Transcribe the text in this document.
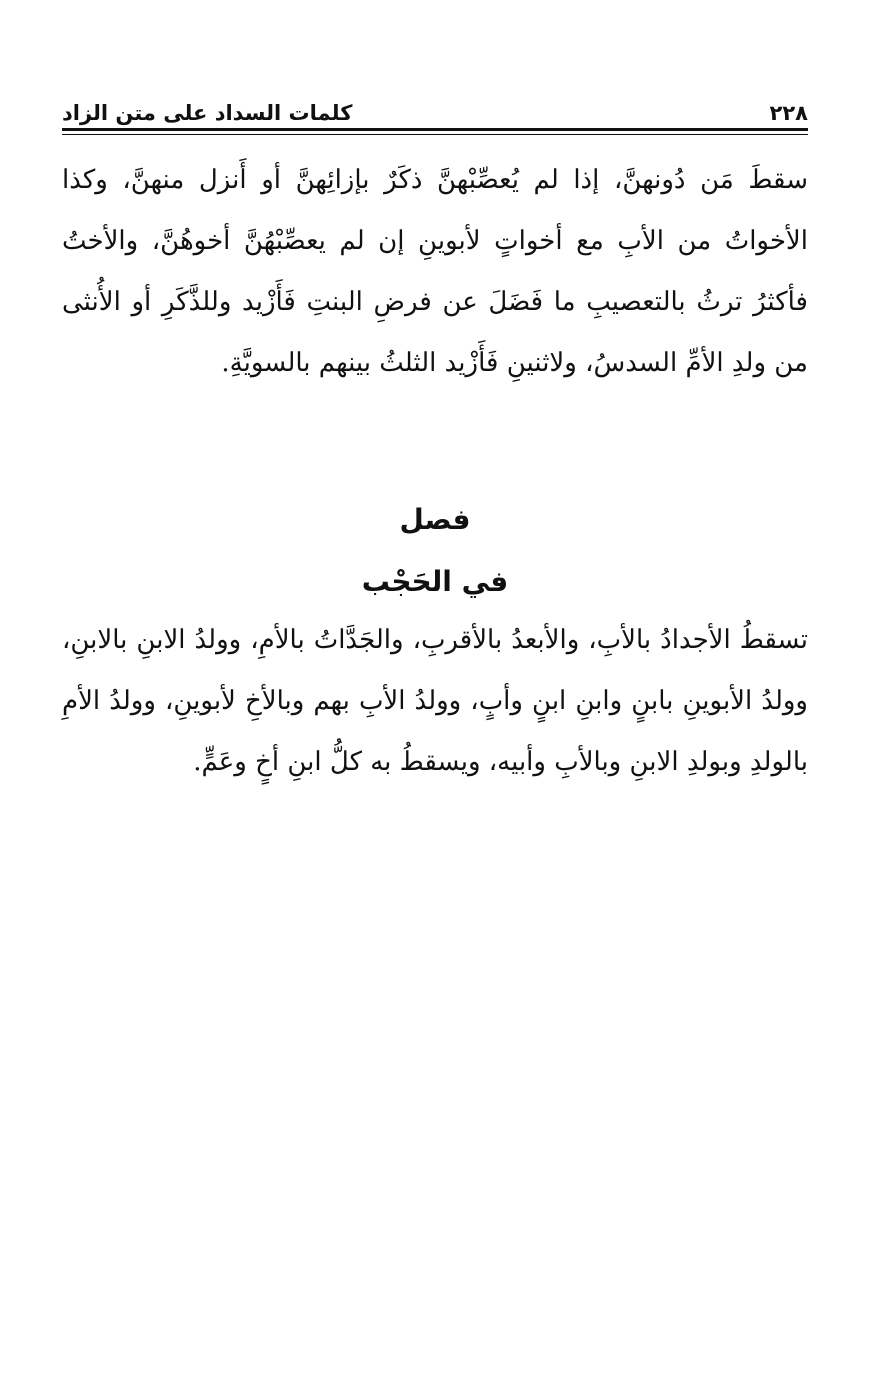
٢٢٨
كلمات السداد على متن الزاد

سقطَ مَن دُونهنَّ، إذا لم يُعصِّبْهنَّ ذكَرٌ بإزائِهنَّ أو أَنزل منهنَّ، وكذا الأخواتُ من الأبِ مع أخواتٍ لأبوينِ إن لم يعصِّبْهُنَّ أخوهُنَّ، والأختُ فأكثرُ ترثُ بالتعصيبِ ما فَضَلَ عن فرضِ البنتِ فَأَزْيد وللذَّكَرِ أو الأُنثى من ولدِ الأمِّ السدسُ، ولاثنينِ فَأَزْيد الثلثُ بينهم بالسويَّةِ.

فصل
في الحَجْب

تسقطُ الأجدادُ بالأبِ، والأبعدُ بالأقربِ، والجَدَّاتُ بالأمِ، وولدُ الابنِ بالابنِ، وولدُ الأبوينِ بابنٍ وابنِ ابنٍ وأبٍ، وولدُ الأبِ بهم وبالأخِ لأبوينِ، وولدُ الأمِ بالولدِ وبولدِ الابنِ وبالأبِ وأبيه، ويسقطُ به كلُّ ابنِ أخٍ وعَمٍّ.
